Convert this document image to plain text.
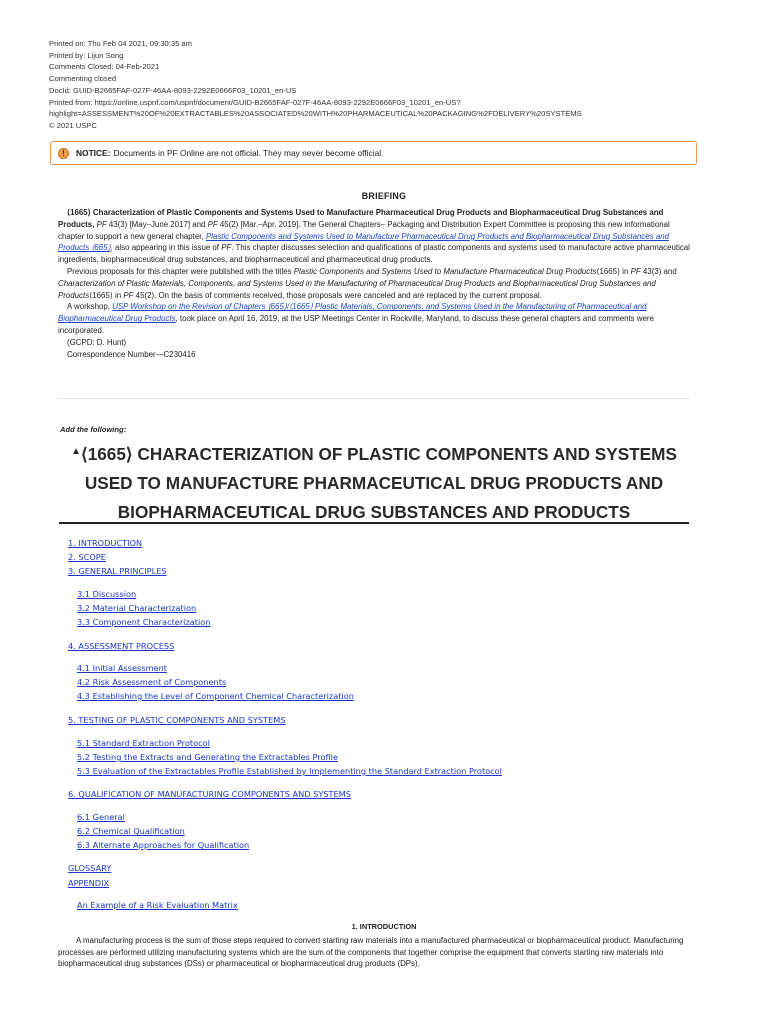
Printed on: Thu Feb 04 2021, 09:30:35 am
Printed by: Lijun Song
Comments Closed: 04-Feb-2021
Commenting closed
DocId: GUID-B2665FAF-027F-46AA-8093-2292E0666F03_10201_en-US
Printed from: https://online.uspnf.com/uspnf/document/GUID-B2665FAF-027F-46AA-8093-2292E0666F03_10201_en-US?
highlight=ASSESSMENT%20OF%20EXTRACTABLES%20ASSOCIATED%20WITH%20PHARMACEUTICAL%20PACKAGING%2FDELIVERY%20SYSTEMS
© 2021 USPC
!	NOTICE: Documents in PF Online are not official. They may never become official.
BRIEFING

⟨1665⟩ Characterization of Plastic Components and Systems Used to Manufacture Pharmaceutical Drug Products and Biopharmaceutical Drug Substances and Products, PF 43(3) [May–June 2017] and PF 45(2) [Mar.–Apr. 2019]. The General Chapters– Packaging and Distribution Expert Committee is proposing this new informational chapter to support a new general chapter, Plastic Components and Systems Used to Manufacture Pharmaceutical Drug Products and Biopharmaceutical Drug Substances and Products ⟨665⟩, also appearing in this issue of PF. This chapter discusses selection and qualifications of plastic components and systems used to manufacture active pharmaceutical ingredients, biopharmaceutical drug substances, and biopharmaceutical and pharmaceutical drug products.

Previous proposals for this chapter were published with the titles Plastic Components and Systems Used to Manufacture Pharmaceutical Drug Products⟨1665⟩ in PF 43(3) and Characterization of Plastic Materials, Components, and Systems Used in the Manufacturing of Pharmaceutical Drug Products and Biopharmaceutical Drug Substances and Products⟨1665⟩ in PF 45(2). On the basis of comments received, those proposals were canceled and are replaced by the current proposal.

A workshop, USP Workshop on the Revision of Chapters ⟨665⟩/⟨1665⟩ Plastic Materials, Components, and Systems Used in the Manufacturing of Pharmaceutical and Biopharmaceutical Drug Products, took place on April 16, 2019, at the USP Meetings Center in Rockville, Maryland, to discuss these general chapters and comments were incorporated.

(GCPD: D. Hunt)

Correspondence Number—C230416

Add the following:
▲⟨1665⟩ CHARACTERIZATION OF PLASTIC COMPONENTS AND SYSTEMS USED TO MANUFACTURE PHARMACEUTICAL DRUG PRODUCTS AND BIOPHARMACEUTICAL DRUG SUBSTANCES AND PRODUCTS
1. INTRODUCTION
2. SCOPE
3. GENERAL PRINCIPLES
3.1 Discussion
3.2 Material Characterization
3.3 Component Characterization
4. ASSESSMENT PROCESS
4.1 Initial Assessment
4.2 Risk Assessment of Components
4.3 Establishing the Level of Component Chemical Characterization
5. TESTING OF PLASTIC COMPONENTS AND SYSTEMS
5.1 Standard Extraction Protocol
5.2 Testing the Extracts and Generating the Extractables Profile
5.3 Evaluation of the Extractables Profile Established by Implementing the Standard Extraction Protocol
6. QUALIFICATION OF MANUFACTURING COMPONENTS AND SYSTEMS
6.1 General
6.2 Chemical Qualification
6.3 Alternate Approaches for Qualification
GLOSSARY
APPENDIX
An Example of a Risk Evaluation Matrix
1. INTRODUCTION

A manufacturing process is the sum of those steps required to convert starting raw materials into a manufactured pharmaceutical or biopharmaceutical product. Manufacturing processes are performed utilizing manufacturing systems which are the sum of the components that together comprise the equipment that converts starting raw materials into biopharmaceutical drug substances (DSs) or pharmaceutical or biopharmaceutical drug products (DPs).
